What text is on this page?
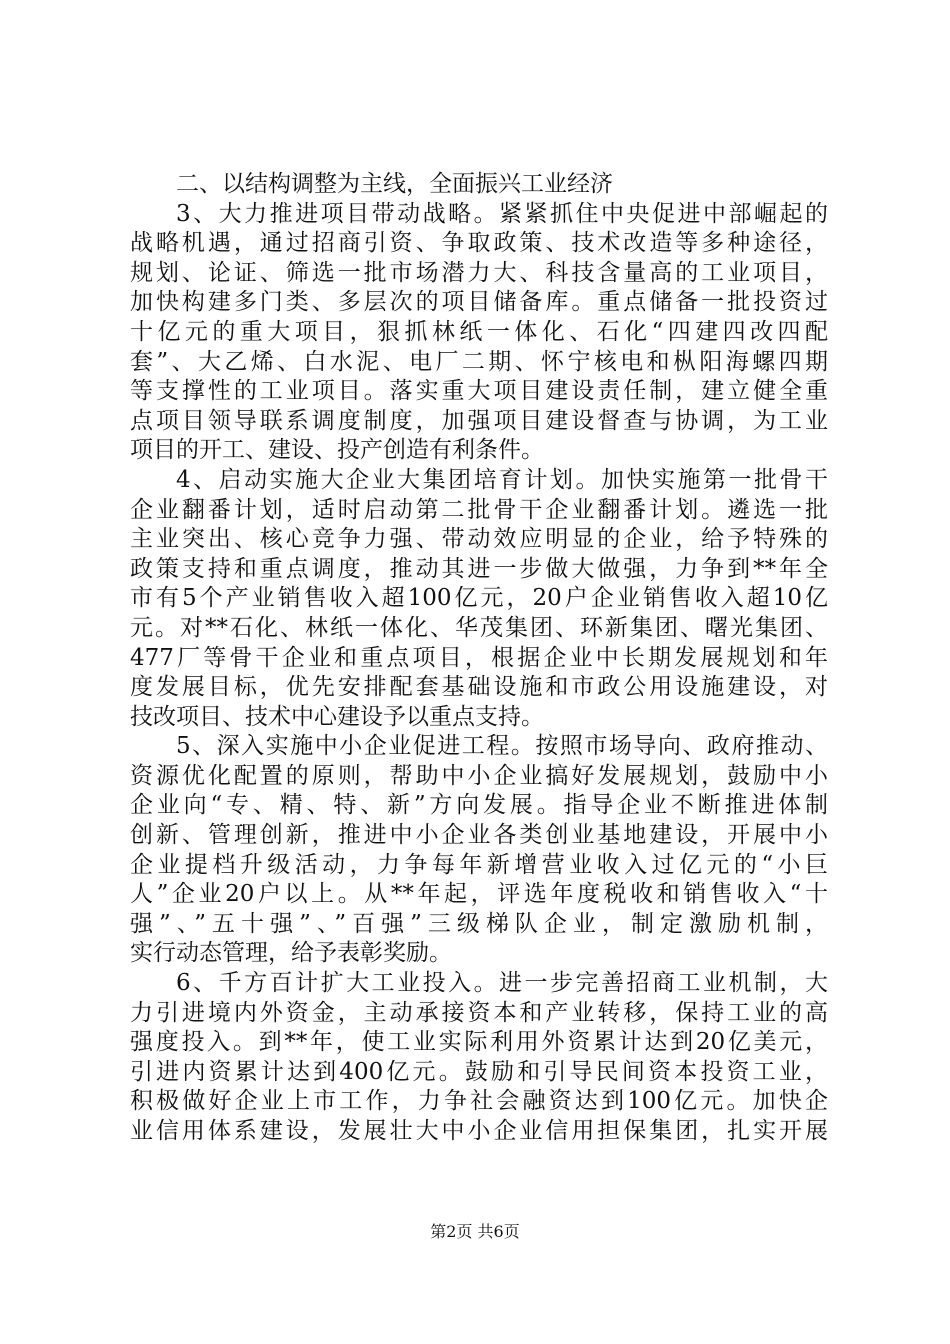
二、以结构调整为主线，全面振兴工业经济
3、大力推进项目带动战略。紧紧抓住中央促进中部崛起的
战略机遇，通过招商引资、争取政策、技术改造等多种途径，
规划、论证、筛选一批市场潜力大、科技含量高的工业项目，
加快构建多门类、多层次的项目储备库。重点储备一批投资过
十亿元的重大项目，狠抓林纸一体化、石化“四建四改四配
套”、大乙烯、白水泥、电厂二期、怀宁核电和枞阳海螺四期
等支撑性的工业项目。落实重大项目建设责任制，建立健全重
点项目领导联系调度制度，加强项目建设督查与协调，为工业
项目的开工、建设、投产创造有利条件。
4、启动实施大企业大集团培育计划。加快实施第一批骨干
企业翻番计划，适时启动第二批骨干企业翻番计划。遴选一批
主业突出、核心竞争力强、带动效应明显的企业，给予特殊的
政策支持和重点调度，推动其进一步做大做强，力争到**年全
市有5个产业销售收入超100亿元，20户企业销售收入超10亿
元。对**石化、林纸一体化、华茂集团、环新集团、曙光集团、
477厂等骨干企业和重点项目，根据企业中长期发展规划和年
度发展目标，优先安排配套基础设施和市政公用设施建设，对
技改项目、技术中心建设予以重点支持。
5、深入实施中小企业促进工程。按照市场导向、政府推动、
资源优化配置的原则，帮助中小企业搞好发展规划，鼓励中小
企业向“专、精、特、新”方向发展。指导企业不断推进体制
创新、管理创新，推进中小企业各类创业基地建设，开展中小
企业提档升级活动，力争每年新增营业收入过亿元的“小巨
人”企业20户以上。从**年起，评选年度税收和销售收入“十
强”、”五十强”、”百强”三级梯队企业，制定激励机制，
实行动态管理，给予表彰奖励。
6、千方百计扩大工业投入。进一步完善招商工业机制，大
力引进境内外资金，主动承接资本和产业转移，保持工业的高
强度投入。到**年，使工业实际利用外资累计达到20亿美元，
引进内资累计达到400亿元。鼓励和引导民间资本投资工业，
积极做好企业上市工作，力争社会融资达到100亿元。加快企
业信用体系建设，发展壮大中小企业信用担保集团，扎实开展
第2页 共6页
